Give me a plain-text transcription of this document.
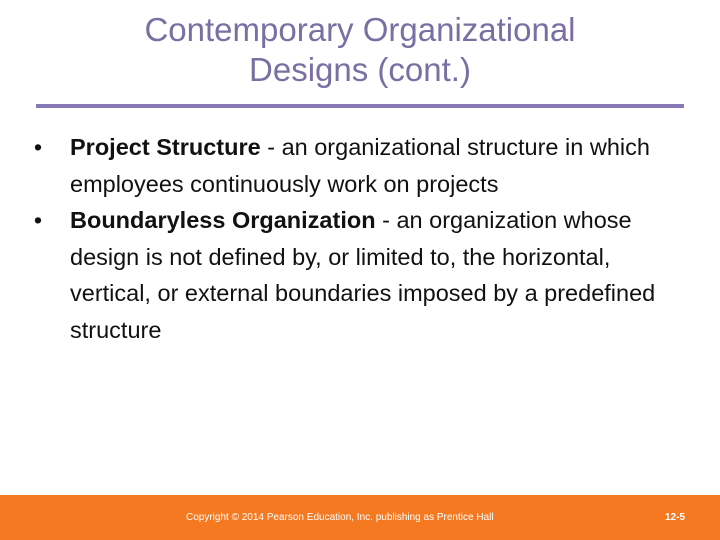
Contemporary Organizational
Designs (cont.)
• Project Structure - an organizational structure in which employees continuously work on projects
• Boundaryless Organization - an organization whose design is not defined by, or limited to, the horizontal, vertical, or external boundaries imposed by a predefined structure
Copyright © 2014 Pearson Education, Inc. publishing as Prentice Hall	12-5
